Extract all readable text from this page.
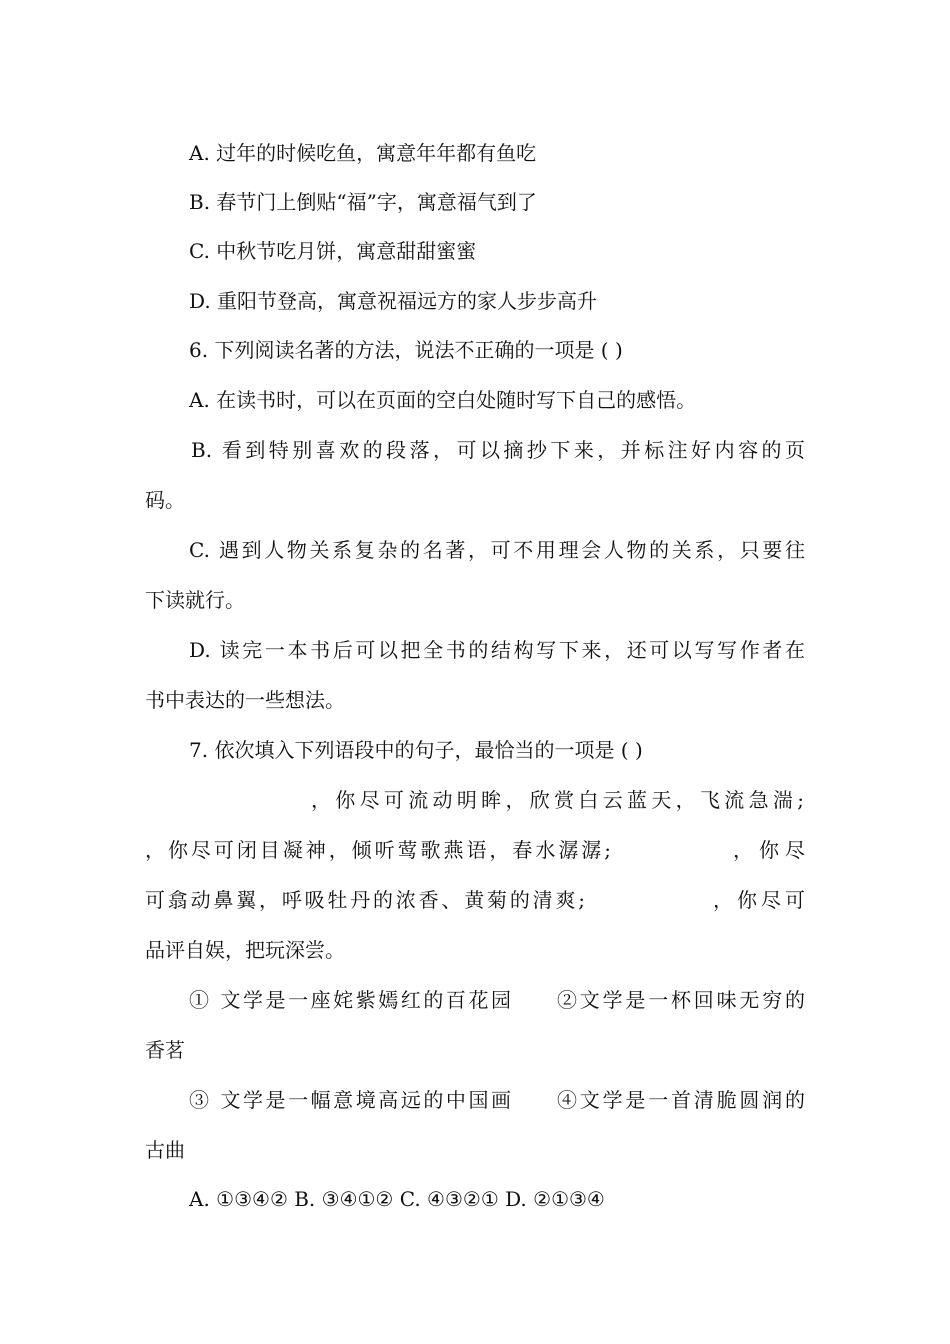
A. 过年的时候吃鱼，寓意年年都有鱼吃
B. 春节门上倒贴“福”字，寓意福气到了
C. 中秋节吃月饼，寓意甜甜蜜蜜
D. 重阳节登高，寓意祝福远方的家人步步高升
6. 下列阅读名著的方法，说法不正确的一项是 ( )
A. 在读书时，可以在页面的空白处随时写下自己的感悟。
B. 看到特别喜欢的段落，可以摘抄下来，并标注好内容的页
码。
C. 遇到人物关系复杂的名著，可不用理会人物的关系，只要往
下读就行。
D. 读完一本书后可以把全书的结构写下来，还可以写写作者在
书中表达的一些想法。
7. 依次填入下列语段中的句子，最恰当的一项是 ( )
，你尽可流动明眸，欣赏白云蓝天，飞流急湍;
，你尽可闭目凝神，倾听莺歌燕语，春水潺潺;	，你尽
可翕动鼻翼，呼吸牡丹的浓香、黄菊的清爽;	，你尽可
品评自娱，把玩深尝。
① 文学是一座姹紫嫣红的百花园 ②文学是一杯回味无穷的
香茗
③ 文学是一幅意境高远的中国画 ④文学是一首清脆圆润的
古曲
A. ①③④② B. ③④①② C. ④③②① D. ②①③④
